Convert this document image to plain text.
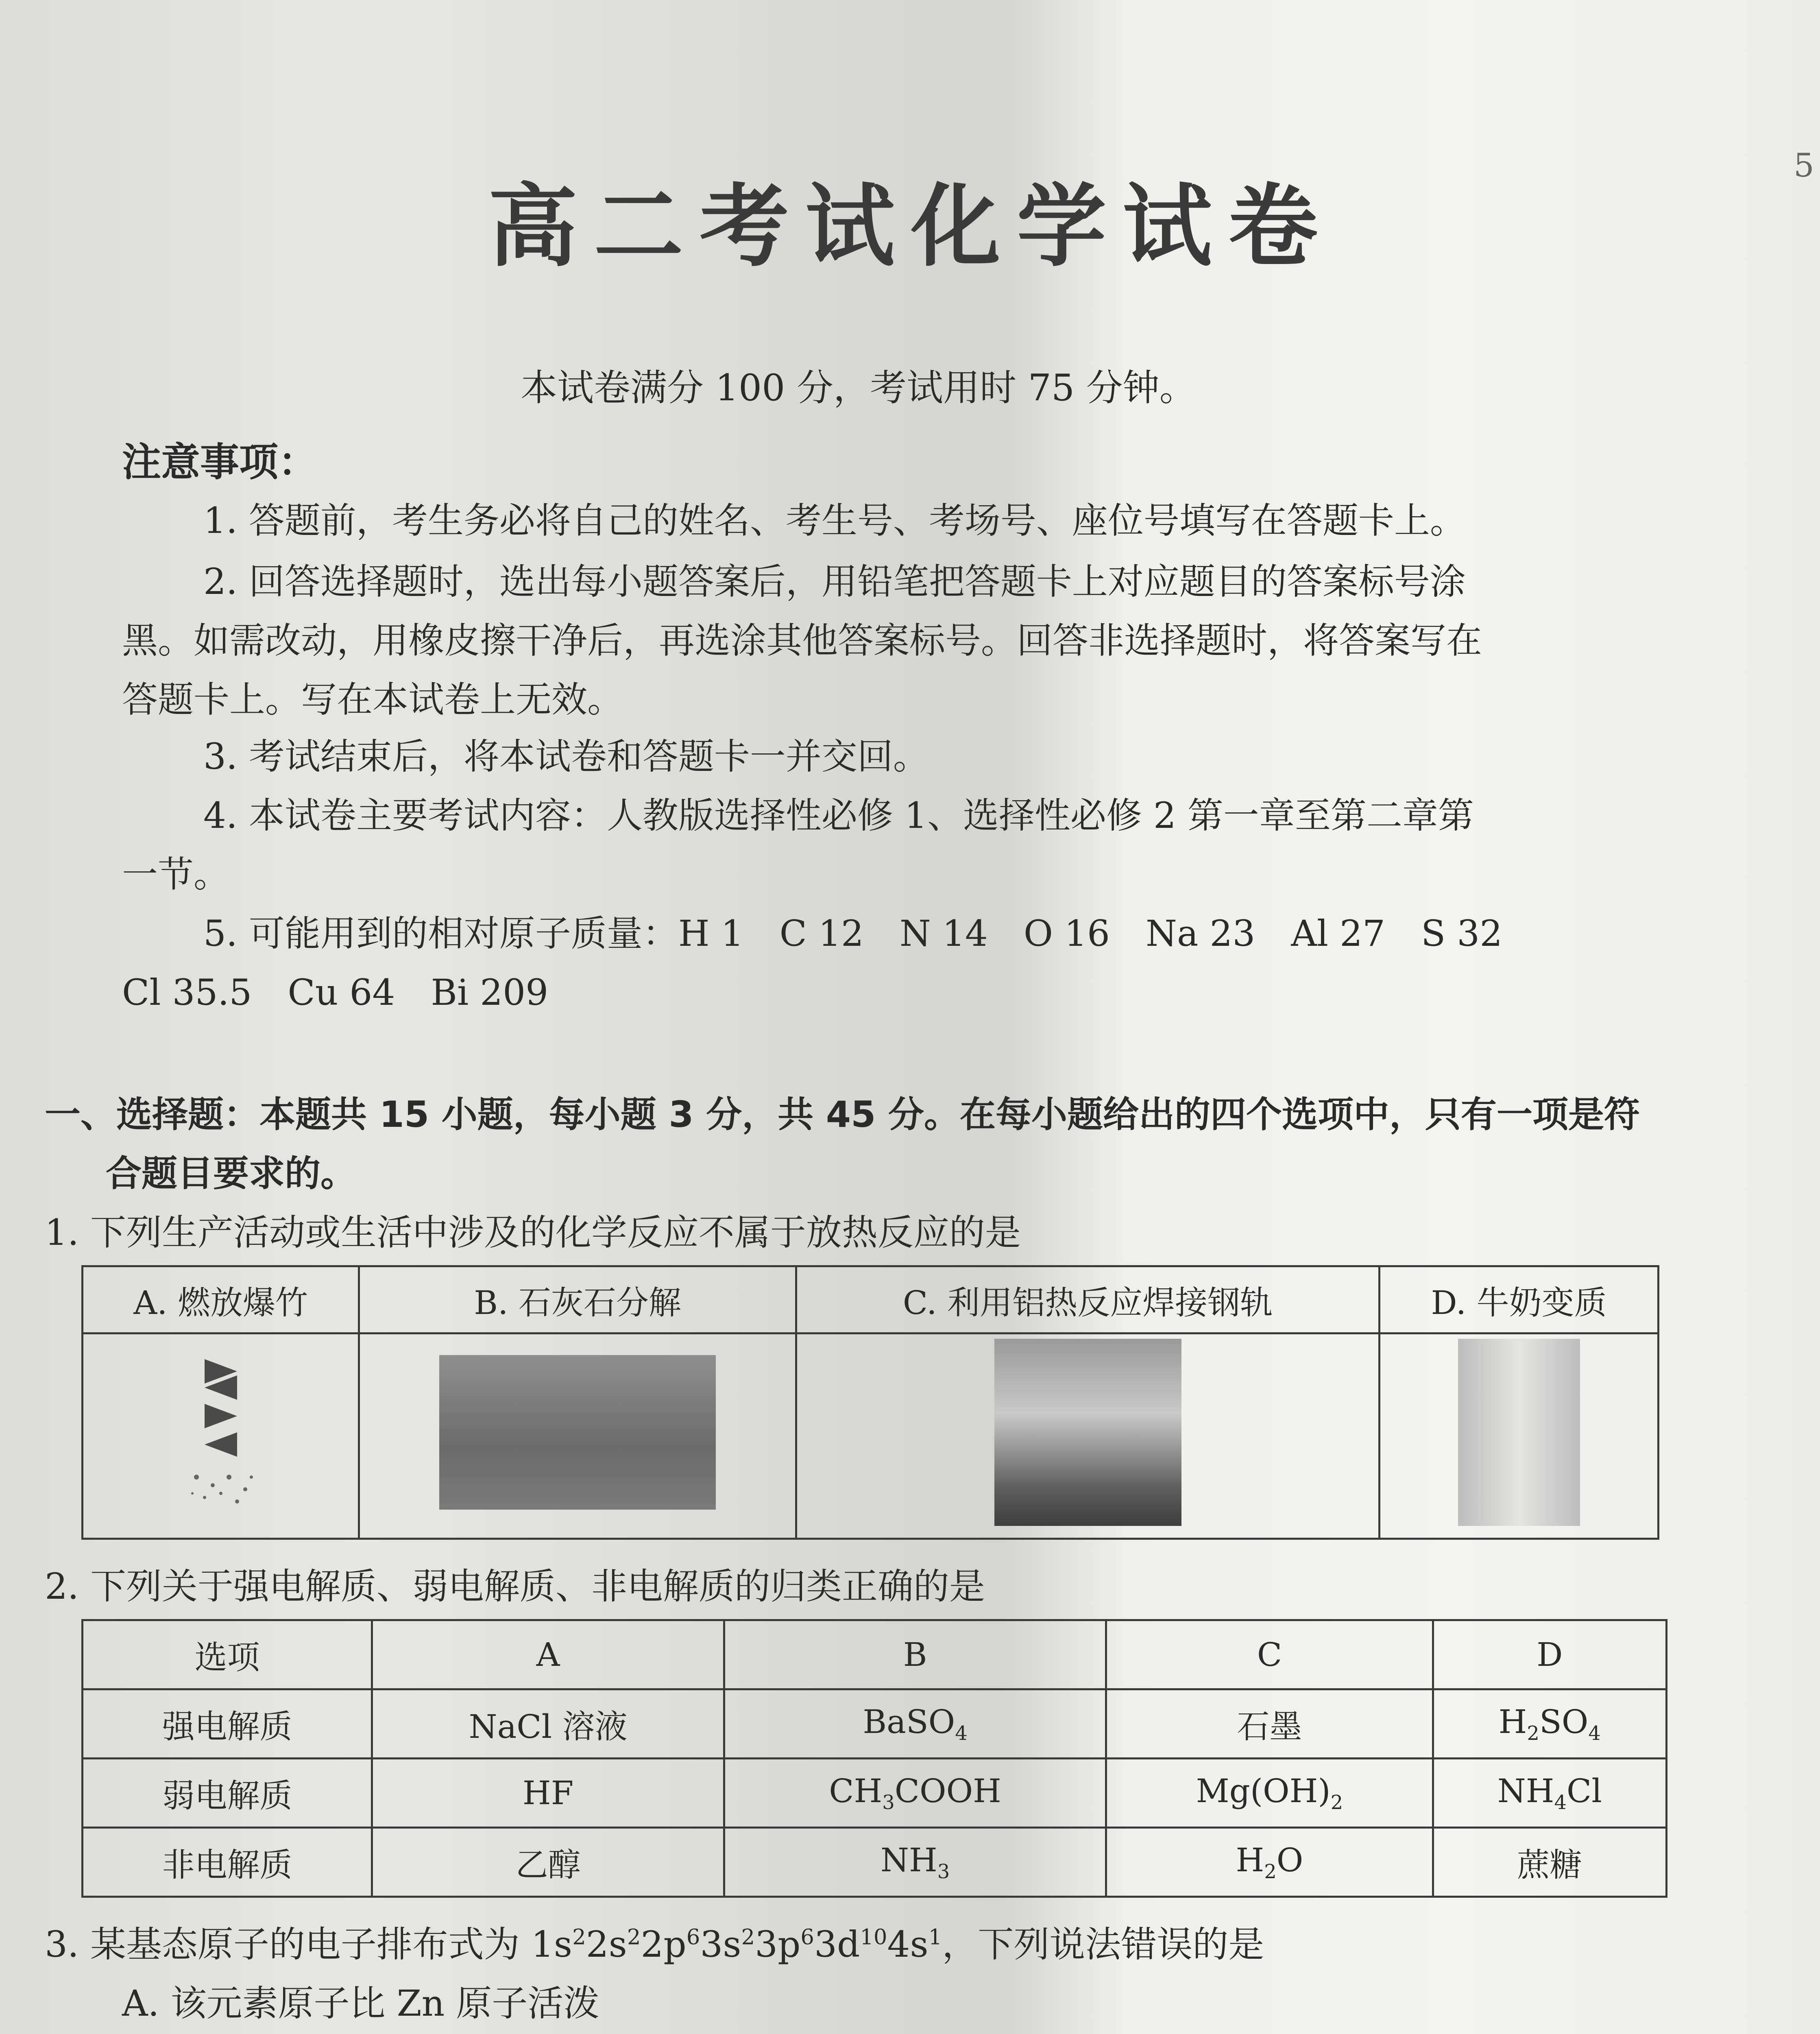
高二考试化学试卷
5
本试卷满分 100 分，考试用时 75 分钟。
注意事项：
1. 答题前，考生务必将自己的姓名、考生号、考场号、座位号填写在答题卡上。
2. 回答选择题时，选出每小题答案后，用铅笔把答题卡上对应题目的答案标号涂
黑。如需改动，用橡皮擦干净后，再选涂其他答案标号。回答非选择题时，将答案写在
答题卡上。写在本试卷上无效。
3. 考试结束后，将本试卷和答题卡一并交回。
4. 本试卷主要考试内容：人教版选择性必修 1、选择性必修 2 第一章至第二章第
一节。
5. 可能用到的相对原子质量：H 1　C 12　N 14　O 16　Na 23　Al 27　S 32
Cl 35.5　Cu 64　Bi 209
一、选择题：本题共 15 小题，每小题 3 分，共 45 分。在每小题给出的四个选项中，只有一项是符
合题目要求的。
1. 下列生产活动或生活中涉及的化学反应不属于放热反应的是
A. 燃放爆竹	B. 石灰石分解	C. 利用铝热反应焊接钢轨	D. 牛奶变质

2. 下列关于强电解质、弱电解质、非电解质的归类正确的是
选项	A	B	C	D
强电解质	NaCl 溶液	BaSO$_4$	石墨	$H_2SO_4$
弱电解质	HF	$CH_3COOH$	$Mg(OH)_2$	$NH_4Cl$
非电解质	乙醇	$NH_3$	$H_2O$	蔗糖
3. 某基态原子的电子排布式为 $1s^22s^22p^63s^23p^63d^{10}4s^1$，下列说法错误的是
A. 该元素原子比 Zn 原子活泼
